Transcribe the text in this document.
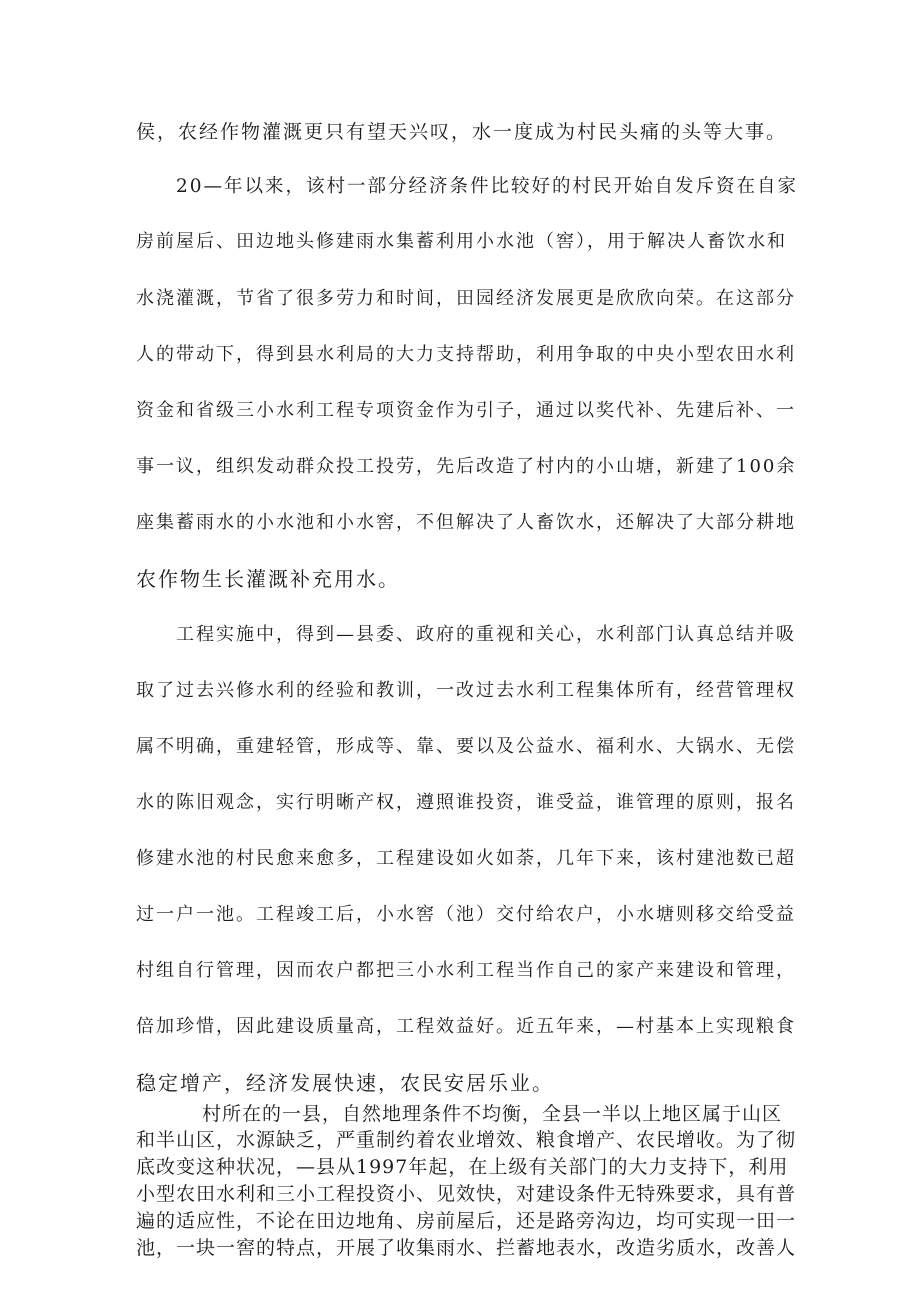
侯，农经作物灌溉更只有望天兴叹，水一度成为村民头痛的头等大事。
20—年以来，该村一部分经济条件比较好的村民开始自发斥资在自家
房前屋后、田边地头修建雨水集蓄利用小水池（窖），用于解决人畜饮水和
水浇灌溉，节省了很多劳力和时间，田园经济发展更是欣欣向荣。在这部分
人的带动下，得到县水利局的大力支持帮助，利用争取的中央小型农田水利
资金和省级三小水利工程专项资金作为引子，通过以奖代补、先建后补、一
事一议，组织发动群众投工投劳，先后改造了村内的小山塘，新建了100余
座集蓄雨水的小水池和小水窖，不但解决了人畜饮水，还解决了大部分耕地
农作物生长灌溉补充用水。
工程实施中，得到—县委、政府的重视和关心，水利部门认真总结并吸
取了过去兴修水利的经验和教训，一改过去水利工程集体所有，经营管理权
属不明确，重建轻管，形成等、靠、要以及公益水、福利水、大锅水、无偿
水的陈旧观念，实行明晰产权，遵照谁投资，谁受益，谁管理的原则，报名
修建水池的村民愈来愈多，工程建设如火如荼，几年下来，该村建池数已超
过一户一池。工程竣工后，小水窖（池）交付给农户，小水塘则移交给受益
村组自行管理，因而农户都把三小水利工程当作自己的家产来建设和管理，
倍加珍惜，因此建设质量高，工程效益好。近五年来，—村基本上实现粮食
稳定增产，经济发展快速，农民安居乐业。
村所在的一县，自然地理条件不均衡，全县一半以上地区属于山区
和半山区，水源缺乏，严重制约着农业增效、粮食增产、农民增收。为了彻
底改变这种状况，—县从1997年起，在上级有关部门的大力支持下，利用
小型农田水利和三小工程投资小、见效快，对建设条件无特殊要求，具有普
遍的适应性，不论在田边地角、房前屋后，还是路旁沟边，均可实现一田一
池，一块一窖的特点，开展了收集雨水、拦蓄地表水，改造劣质水，改善人
